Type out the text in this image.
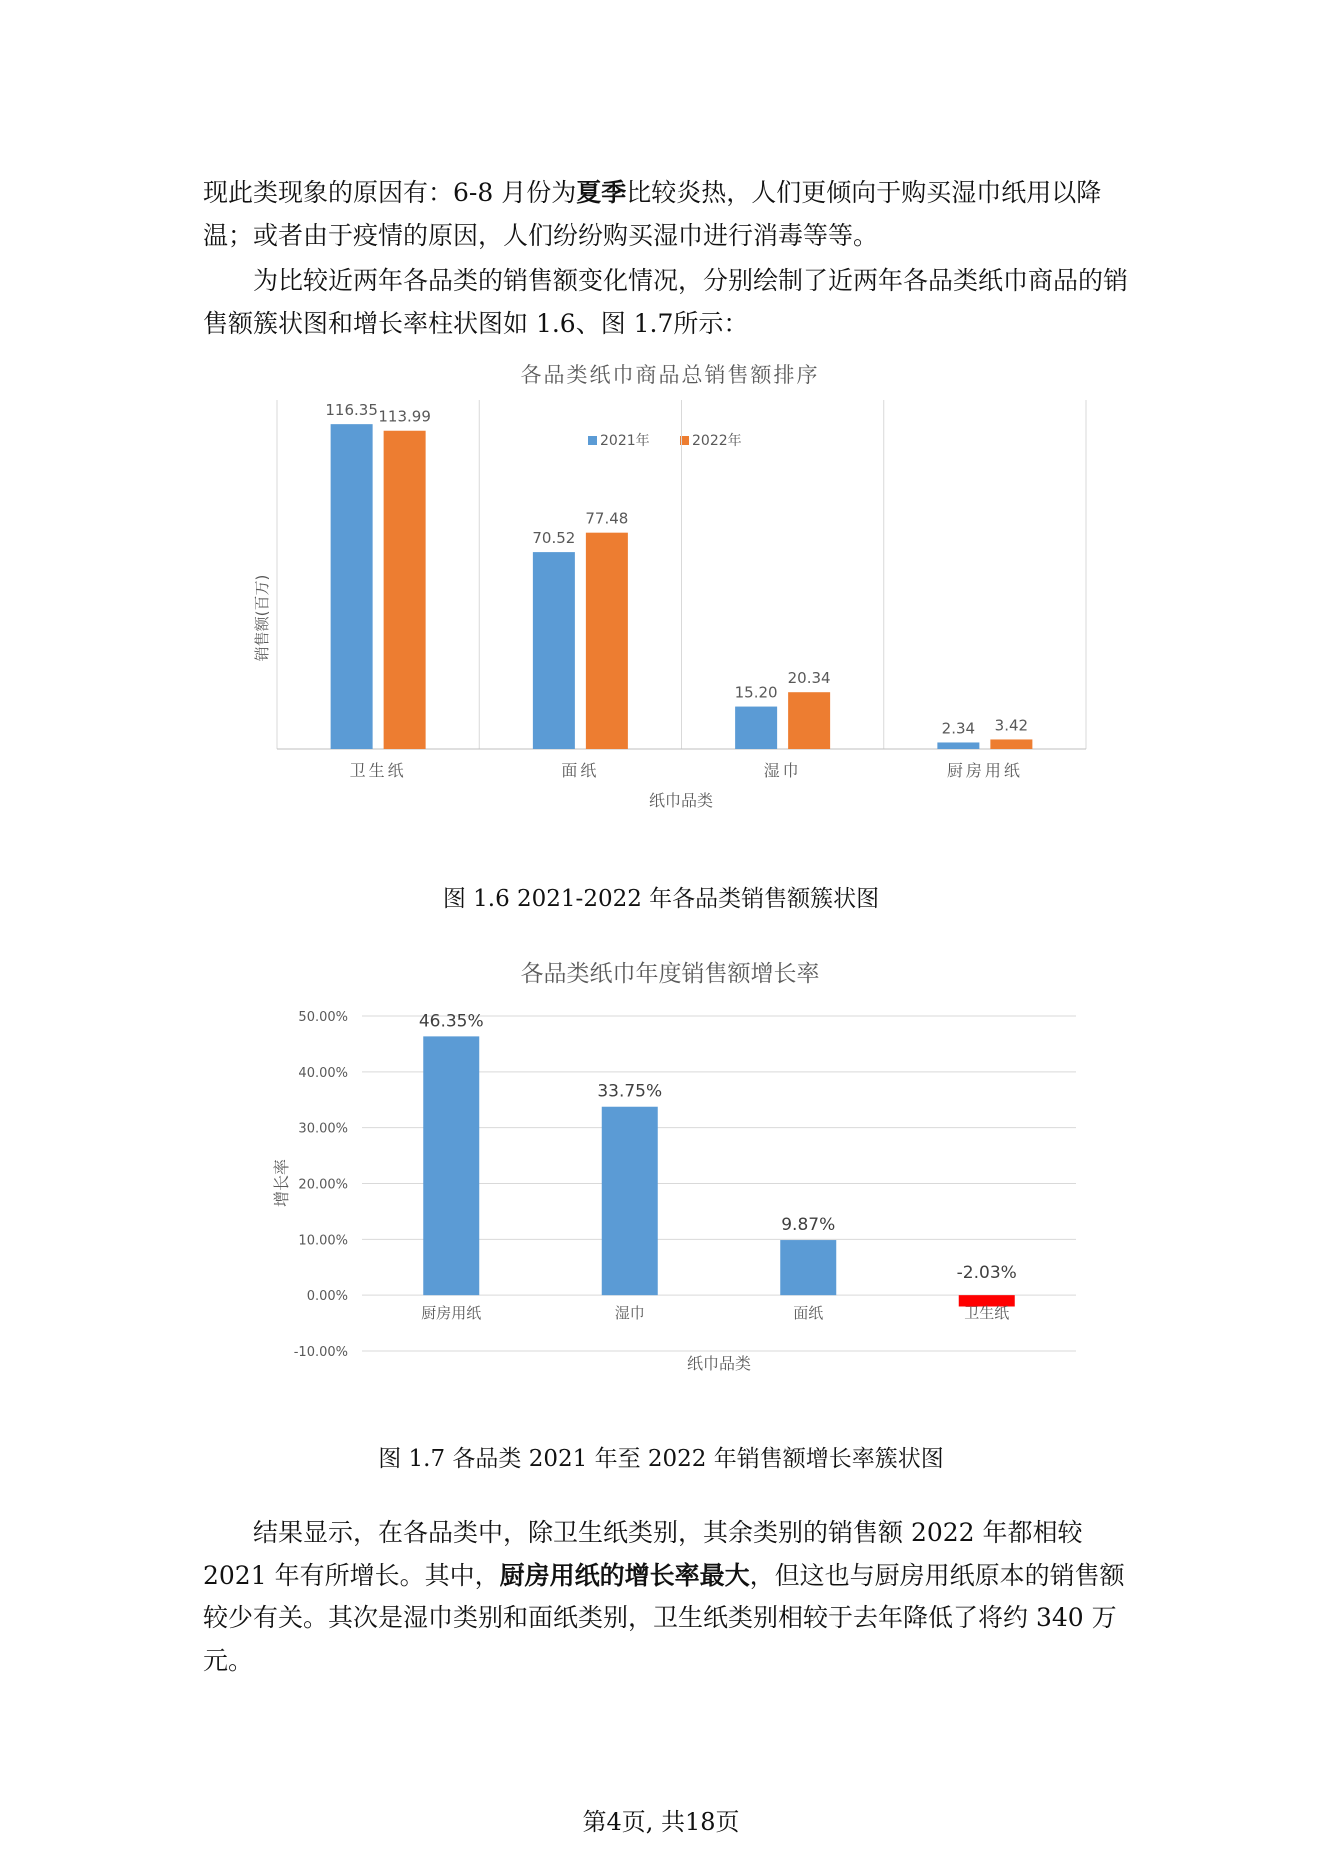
现此类现象的原因有：6-8 月份为夏季比较炎热，人们更倾向于购买湿巾纸用以降温；或者由于疫情的原因，人们纷纷购买湿巾进行消毒等等。

为比较近两年各品类的销售额变化情况，分别绘制了近两年各品类纸巾商品的销售额簇状图和增长率柱状图如 1.6、图 1.7所示：

各品类纸巾商品总销售额排序
2021年	2022年
116.35 113.99
卫生纸
70.52
77.48
面纸
15.20
20.34
湿巾
2.34 3.42
厨房用纸
纸巾品类
销售额(百万)
图 1.6 2021-2022 年各品类销售额簇状图
各品类纸巾年度销售额增长率
50.00%
40.00%
30.00%
20.00%
10.00%
0.00%
-10.00%
46.35%
厨房用纸
33.75%
湿巾
9.87%
面纸
-2.03%
卫生纸
纸巾品类
增长率
图 1.7 各品类 2021 年至 2022 年销售额增长率簇状图

结果显示，在各品类中，除卫生纸类别，其余类别的销售额 2022 年都相较 2021 年有所增长。其中，厨房用纸的增长率最大，但这也与厨房用纸原本的销售额较少有关。其次是湿巾类别和面纸类别，卫生纸类别相较于去年降低了将约 340 万元。

第4页, 共18页
